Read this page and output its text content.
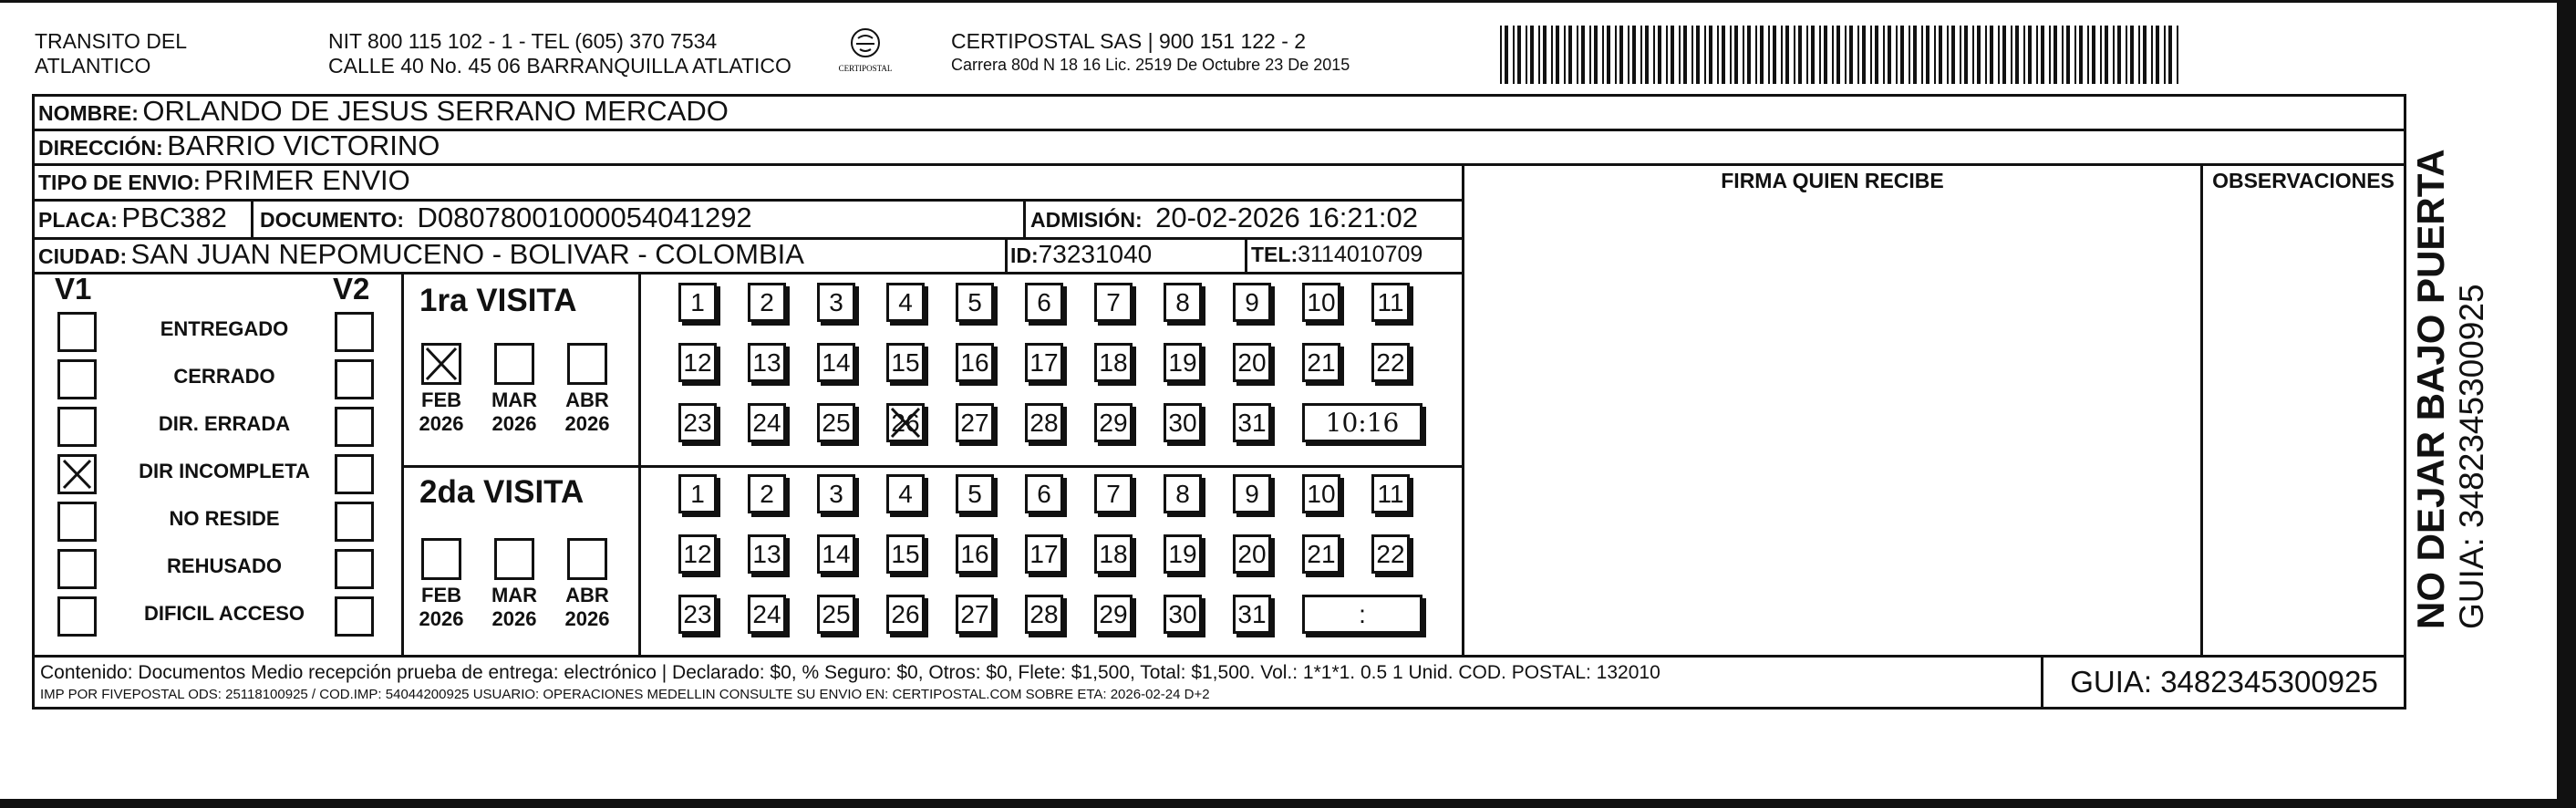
TRANSITO DEL
ATLANTICO
NIT 800 115 102 - 1 - TEL (605) 370 7534
CALLE 40 No. 45 06 BARRANQUILLA ATLATICO	CERTIPOSTAL
CERTIPOSTAL SAS | 900 151 122 - 2
Carrera 80d N 18 16 Lic. 2519 De Octubre 23 De 2015
NOMBRE: ORLANDO DE JESUS SERRANO MERCADO
DIRECCIÓN: BARRIO VICTORINO
TIPO DE ENVIO: PRIMER ENVIO	FIRMA QUIEN RECIBE	OBSERVACIONES
PLACA: PBC382 DOCUMENTO: D08078001000054041292	ADMISIÓN: 20-02-2026 16:21:02
CIUDAD: SAN JUAN NEPOMUCENO - BOLIVAR - COLOMBIA	ID:73231040	TEL:3114010709
V1	V2
ENTREGADO
CERRADO
DIR. ERRADA
DIR INCOMPLETA
NO RESIDE
REHUSADO
DIFICIL ACCESO
1ra VISITA
2da VISITA
FEB
2026
MAR
2026
ABR
2026
FEB
2026
MAR
2026
ABR
2026
1	2	3	4	5	6	7	8	9	10 11
12 13 14 15 16 17 18 19 20 21 22
23 24 25 26 27 28 29 30 31	10:16
1	2	3	4	5	6	7	8	9	10 11
12 13 14 15 16 17 18 19 20 21 22
23 24 25 26 27 28 29 30 31	:
Contenido: Documentos Medio recepción prueba de entrega: electrónico | Declarado: $0, % Seguro: $0, Otros: $0, Flete: $1,500, Total: $1,500. Vol.: 1*1*1. 0.5 1 Unid. COD. POSTAL: 132010
IMP POR FIVEPOSTAL ODS: 25118100925 / COD.IMP: 54044200925 USUARIO: OPERACIONES MEDELLIN CONSULTE SU ENVIO EN: CERTIPOSTAL.COM SOBRE ETA: 2026-02-24 D+2	GUIA: 3482345300925
NO DEJAR BAJO PUERTA GUIA: 3482345300925
